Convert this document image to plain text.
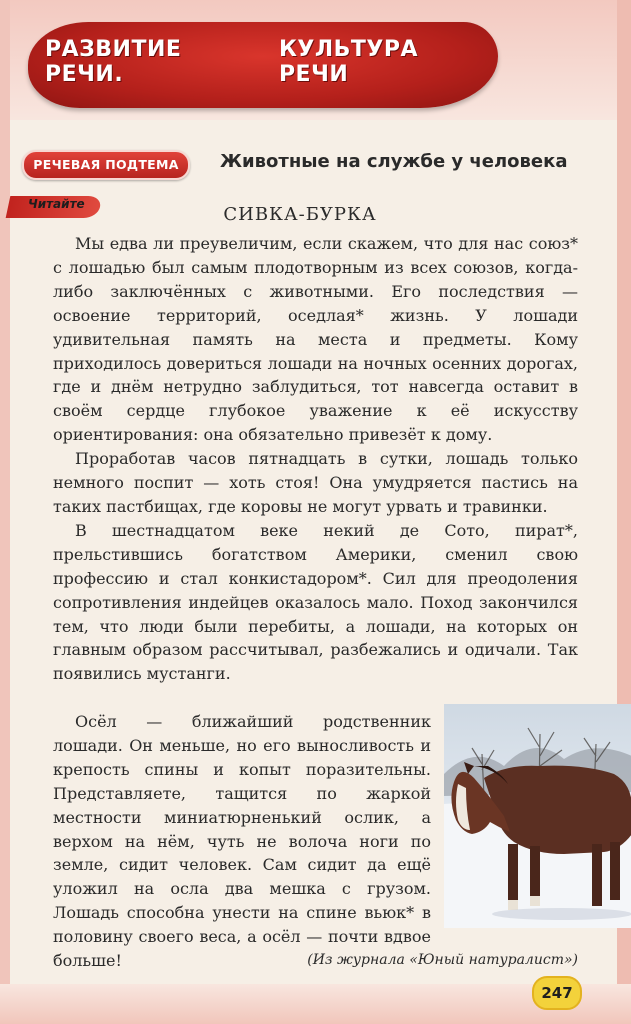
РАЗВИТИЕ РЕЧИ.
КУЛЬТУРА РЕЧИ
РЕЧЕВАЯ ПОДТЕМА	Животные на службе у человека
Читайте	СИВКА-БУРКА

Мы едва ли преувеличим, если скажем, что для нас союз* с лошадью был самым плодотворным из всех союзов, когда-либо заключённых с животными. Его последствия — освоение территорий, оседлая* жизнь. У лошади удивительная память на места и предметы. Кому приходилось довериться лошади на ночных осенних дорогах, где и днём нетрудно заблудиться, тот навсегда оставит в своём сердце глубокое уважение к её искусству ориентирования: она обязательно привезёт к дому.

Проработав часов пятнадцать в сутки, лошадь только немного поспит — хоть стоя! Она умудряется пастись на таких пастбищах, где коровы не могут урвать и травинки.

В шестнадцатом веке некий де Сото, пират*, прельстившись богатством Америки, сменил свою профессию и стал конкистадором*. Сил для преодоления сопротивления индейцев оказалось мало. Поход закончился тем, что люди были перебиты, а лошади, на которых он главным образом рассчитывал, разбежались и одичали. Так появились мустанги.

Осёл — ближайший родственник лошади. Он меньше, но его выносливость и крепость спины и копыт поразительны. Представляете, тащится по жаркой местности миниатюрненький ослик, а верхом на нём, чуть не волоча ноги по земле, сидит человек. Сам сидит да ещё уложил на осла два мешка с грузом. Лошадь способна унести на спине вьюк* в половину своего веса, а осёл — почти вдвое больше!	(Из журнала «Юный натуралист»)
247
